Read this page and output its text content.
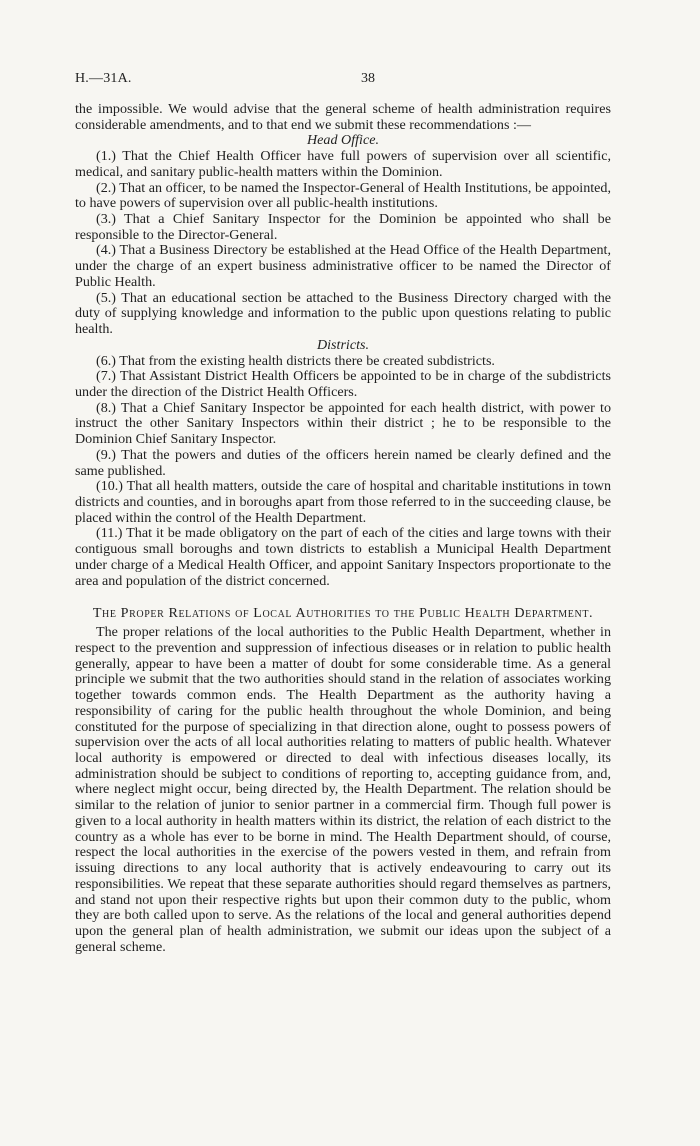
H.—31A.	38

the impossible. We would advise that the general scheme of health administration requires considerable amendments, and to that end we submit these recommendations :—

Head Office.

(1.) That the Chief Health Officer have full powers of supervision over all scientific, medical, and sanitary public-health matters within the Dominion.

(2.) That an officer, to be named the Inspector-General of Health Institutions, be appointed, to have powers of supervision over all public-health institutions.

(3.) That a Chief Sanitary Inspector for the Dominion be appointed who shall be responsible to the Director-General.

(4.) That a Business Directory be established at the Head Office of the Health Department, under the charge of an expert business administrative officer to be named the Director of Public Health.

(5.) That an educational section be attached to the Business Directory charged with the duty of supplying knowledge and information to the public upon questions relating to public health.

Districts.

(6.) That from the existing health districts there be created subdistricts.

(7.) That Assistant District Health Officers be appointed to be in charge of the subdistricts under the direction of the District Health Officers.

(8.) That a Chief Sanitary Inspector be appointed for each health district, with power to instruct the other Sanitary Inspectors within their district ; he to be responsible to the Dominion Chief Sanitary Inspector.

(9.) That the powers and duties of the officers herein named be clearly defined and the same published.

(10.) That all health matters, outside the care of hospital and charitable institutions in town districts and counties, and in boroughs apart from those referred to in the succeeding clause, be placed within the control of the Health Department.

(11.) That it be made obligatory on the part of each of the cities and large towns with their contiguous small boroughs and town districts to establish a Municipal Health Department under charge of a Medical Health Officer, and appoint Sanitary Inspectors proportionate to the area and population of the district concerned.

The Proper Relations of Local Authorities to the Public Health Department.

The proper relations of the local authorities to the Public Health Department, whether in respect to the prevention and suppression of infectious diseases or in relation to public health generally, appear to have been a matter of doubt for some considerable time. As a general principle we submit that the two authorities should stand in the relation of associates working together towards common ends. The Health Department as the authority having a responsibility of caring for the public health throughout the whole Dominion, and being constituted for the purpose of specializing in that direction alone, ought to possess powers of supervision over the acts of all local authorities relating to matters of public health. Whatever local authority is empowered or directed to deal with infectious diseases locally, its administration should be subject to conditions of reporting to, accepting guidance from, and, where neglect might occur, being directed by, the Health Department. The relation should be similar to the relation of junior to senior partner in a commercial firm. Though full power is given to a local authority in health matters within its district, the relation of each district to the country as a whole has ever to be borne in mind. The Health Department should, of course, respect the local authorities in the exercise of the powers vested in them, and refrain from issuing directions to any local authority that is actively endeavouring to carry out its responsibilities. We repeat that these separate authorities should regard themselves as partners, and stand not upon their respective rights but upon their common duty to the public, whom they are both called upon to serve. As the relations of the local and general authorities depend upon the general plan of health administration, we submit our ideas upon the subject of a general scheme.
